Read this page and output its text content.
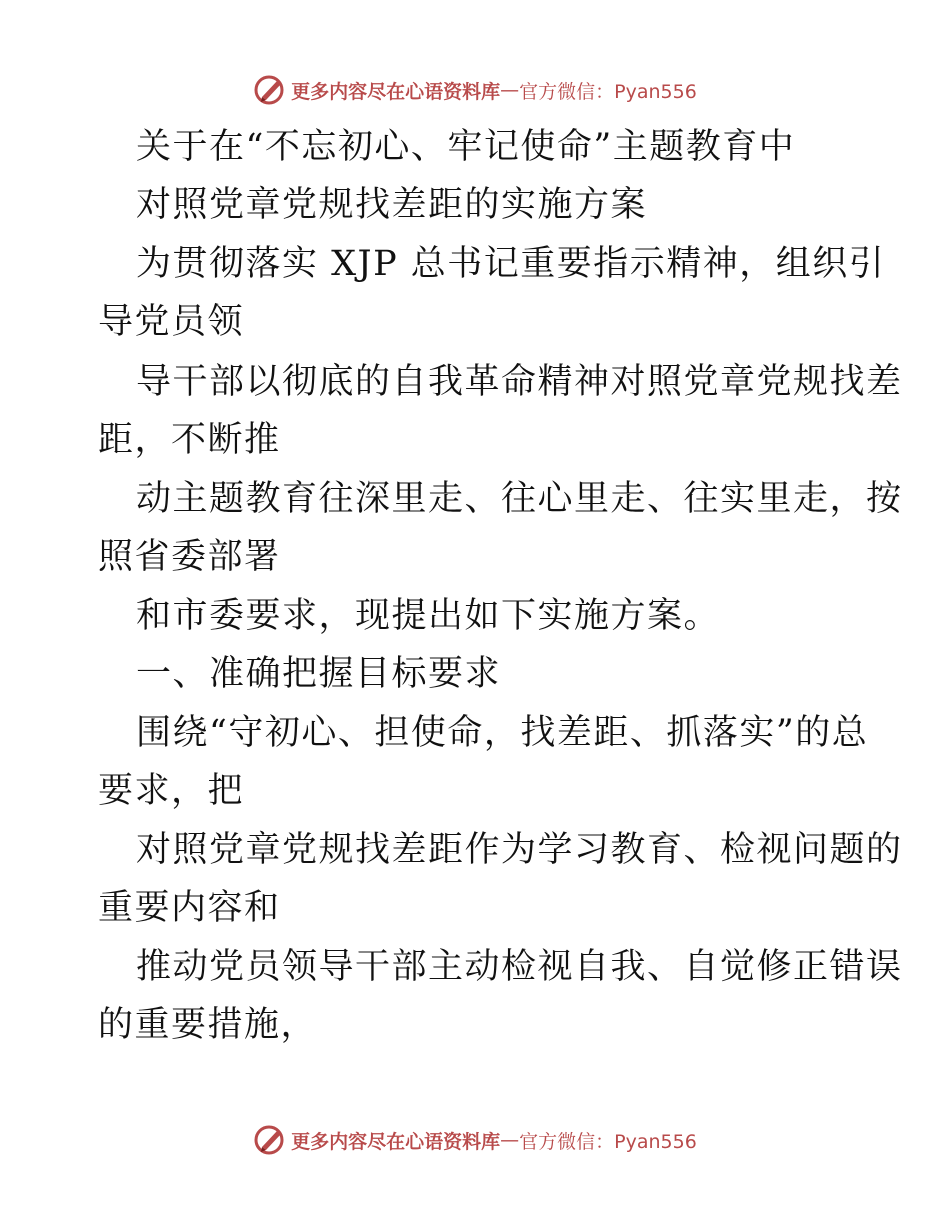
更多内容尽在心语资料库 — 官方微信：Pyan556
关于在“不忘初心、牢记使命”主题教育中
对照党章党规找差距的实施方案
为贯彻落实 XJP 总书记重要指示精神，组织引
导党员领
导干部以彻底的自我革命精神对照党章党规找差
距，不断推
动主题教育往深里走、往心里走、往实里走，按
照省委部署
和市委要求，现提出如下实施方案。
一、准确把握目标要求
围绕“守初心、担使命，找差距、抓落实”的总
要求，把
对照党章党规找差距作为学习教育、检视问题的
重要内容和
推动党员领导干部主动检视自我、自觉修正错误
的重要措施，
更多内容尽在心语资料库 — 官方微信：Pyan556
